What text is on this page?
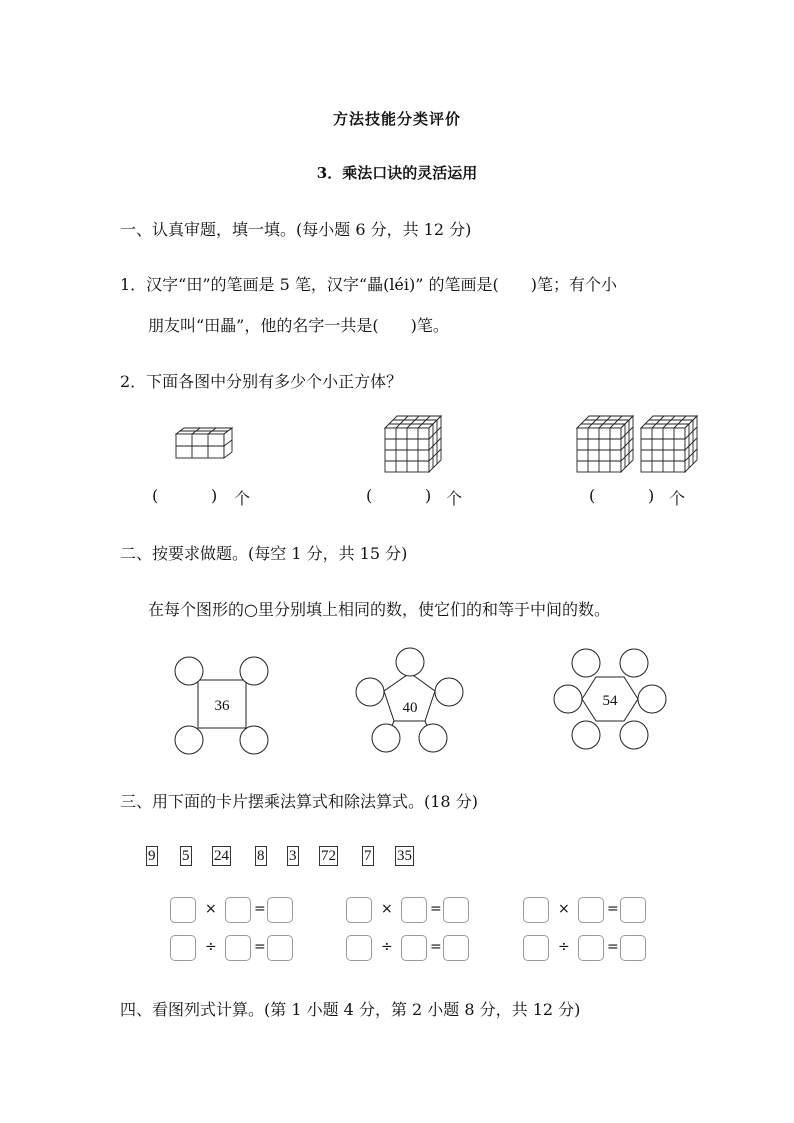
方法技能分类评价
3．乘法口诀的灵活运用
一、认真审题，填一填。(每小题 6 分，共 12 分)
1．汉字“田”的笔画是 5 笔，汉字“畾(léi)” 的笔画是(　　)笔；有个小
朋友叫“田畾”，他的名字一共是(　　)笔。
2．下面各图中分别有多少个小正方体？
(	) 个	(	) 个	(	) 个
二、按要求做题。(每空 1 分，共 15 分)
在每个图形的○里分别填上相同的数，使它们的和等于中间的数。
36	40	54
三、用下面的卡片摆乘法算式和除法算式。(18 分)
9 5 24 8 3 72 7 35
×	=	×	=	×	=
÷	=	÷	=	÷	=
四、看图列式计算。(第 1 小题 4 分，第 2 小题 8 分，共 12 分)
